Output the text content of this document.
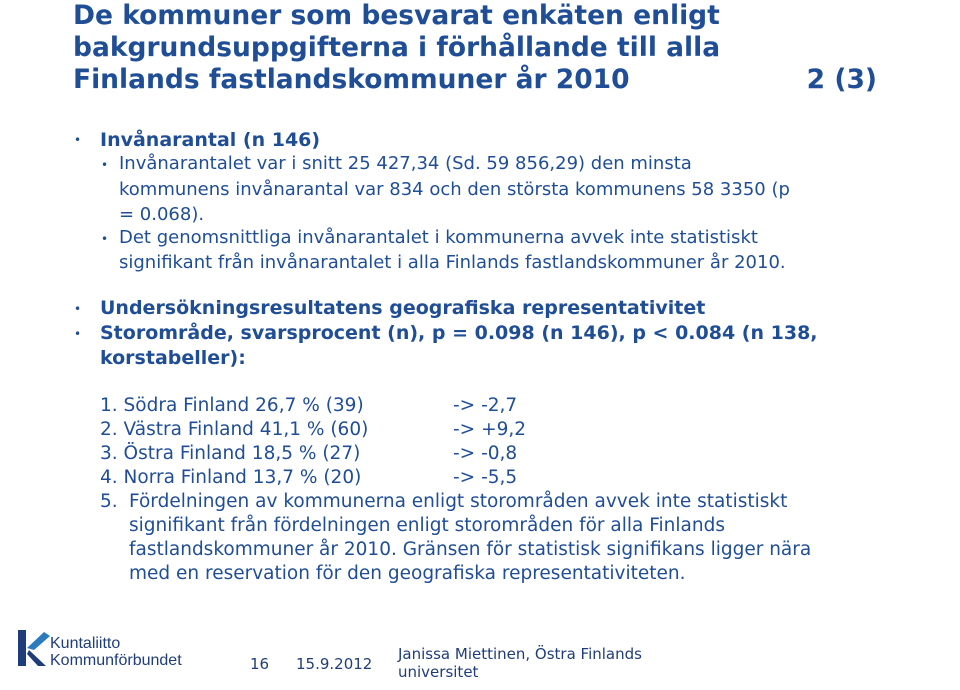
De kommuner som besvarat enkäten enligt
bakgrundsuppgifterna i förhållande till alla
Finlands fastlandskommuner år 2010	2 (3)
• Invånarantal (n 146)
• Invånarantalet var i snitt 25 427,34 (Sd. 59 856,29) den minsta
kommunens invånarantal var 834 och den största kommunens 58 3350 (p
= 0.068).
• Det genomsnittliga invånarantalet i kommunerna avvek inte statistiskt
signifikant från invånarantalet i alla Finlands fastlandskommuner år 2010.
• Undersökningsresultatens geografiska representativitet
• Storområde, svarsprocent (n), p = 0.098 (n 146), p < 0.084 (n 138,
korstabeller):
1. Södra Finland 26,7 % (39)	-> -2,7
2. Västra Finland 41,1 % (60)	-> +9,2
3. Östra Finland 18,5 % (27)	-> -0,8
4. Norra Finland 13,7 % (20)	-> -5,5
5. Fördelningen av kommunerna enligt storområden avvek inte statistiskt
signifikant från fördelningen enligt storområden för alla Finlands
fastlandskommuner år 2010. Gränsen för statistisk signifikans ligger nära
med en reservation för den geografiska representativiteten.
Kuntaliitto
Kommunförbundet	16 15.9.2012
Janissa Miettinen, Östra Finlands
universitet
